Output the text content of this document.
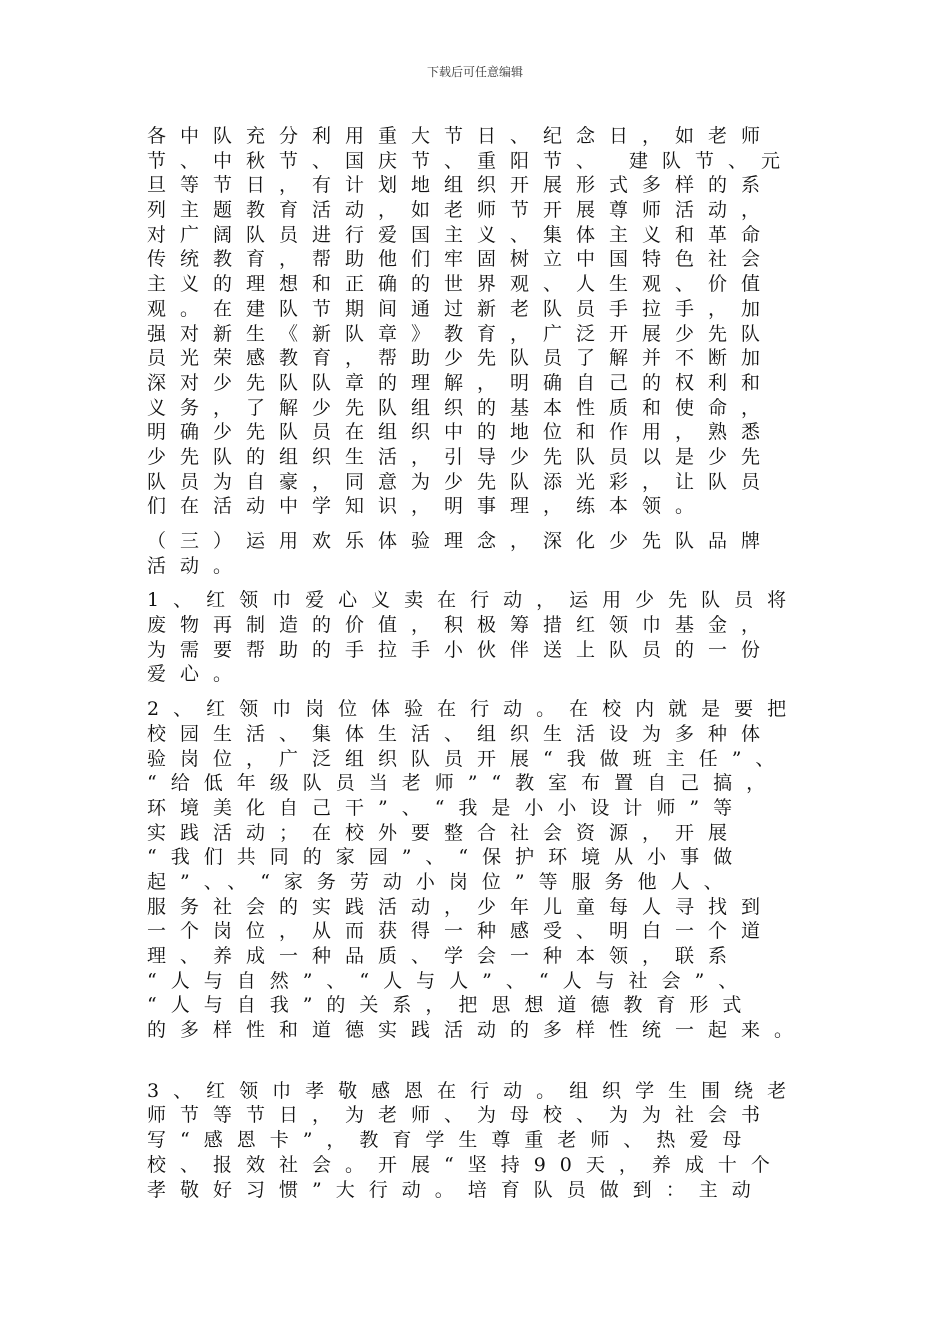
下载后可任意编辑
各中队充分利用重大节日、纪念日，如老师
节、中秋节、国庆节、重阳节、 建队节、元
旦等节日，有计划地组织开展形式多样的系
列主题教育活动，如老师节开展尊师活动，
对广阔队员进行爱国主义、集体主义和革命
传统教育，帮助他们牢固树立中国特色社会
主义的理想和正确的世界观、人生观、价值
观。在建队节期间通过新老队员手拉手，加
强对新生《新队章》教育，广泛开展少先队
员光荣感教育，帮助少先队员了解并不断加
深对少先队队章的理解，明确自己的权利和
义务，了解少先队组织的基本性质和使命，
明确少先队员在组织中的地位和作用，熟悉
少先队的组织生活，引导少先队员以是少先
队员为自豪，同意为少先队添光彩，让队员
们在活动中学知识，明事理，练本领。
（三）运用欢乐体验理念，深化少先队品牌
活动。
1、红领巾爱心义卖在行动，运用少先队员将
废物再制造的价值，积极筹措红领巾基金，
为需要帮助的手拉手小伙伴送上队员的一份
爱心。
2、红领巾岗位体验在行动。在校内就是要把
校园生活、集体生活、组织生活设为多种体
验岗位，广泛组织队员开展“我做班主任”、
“给低年级队员当老师”“教室布置自己搞，
环境美化自己干”、“我是小小设计师”等
实践活动；在校外要整合社会资源，开展
“我们共同的家园”、“保护环境从小事做
起”、、“家务劳动小岗位”等服务他人、
服务社会的实践活动，少年儿童每人寻找到
一个岗位，从而获得一种感受、明白一个道
理、养成一种品质、学会一种本领，联系
“人与自然”、“人与人”、“人与社会”、
“人与自我”的关系，把思想道德教育形式
的多样性和道德实践活动的多样性统一起来。
3、红领巾孝敬感恩在行动。组织学生围绕老
师节等节日，为老师、为母校、为为社会书
写“感恩卡”，教育学生尊重老师、热爱母
校、报效社会。开展“坚持90天，养成十个
孝敬好习惯”大行动。培育队员做到：主动
